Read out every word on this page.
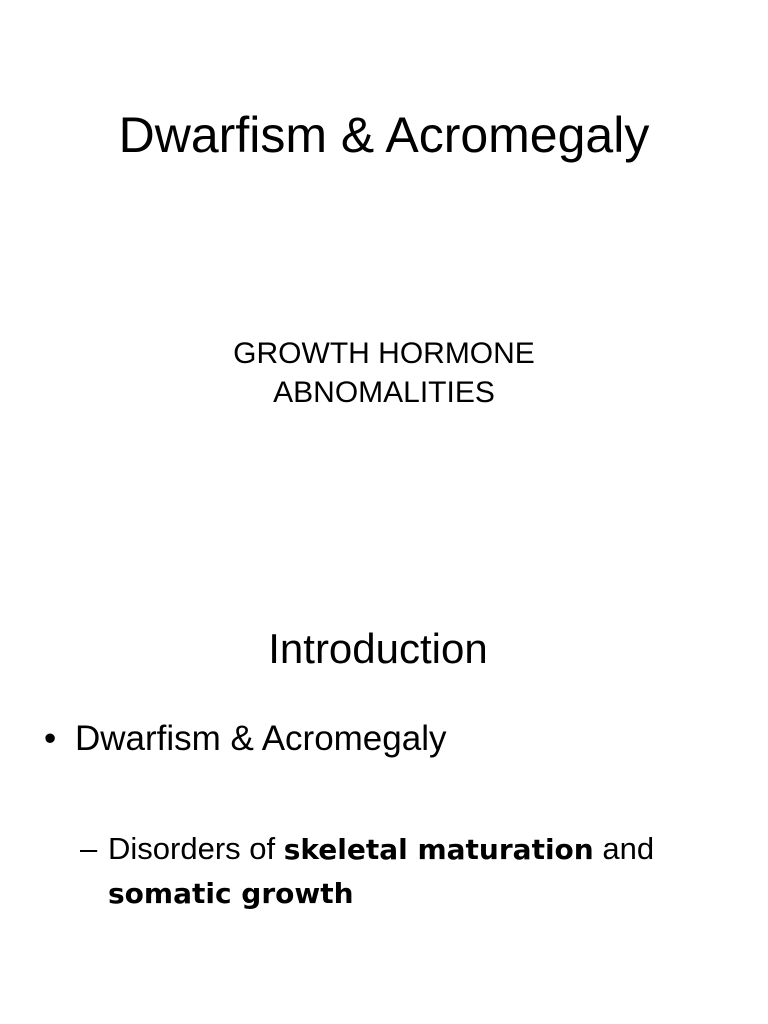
Dwarfism & Acromegaly
GROWTH HORMONE
ABNOMALITIES
Introduction

• Dwarfism & Acromegaly

– Disorders of skeletal maturation and somatic growth
